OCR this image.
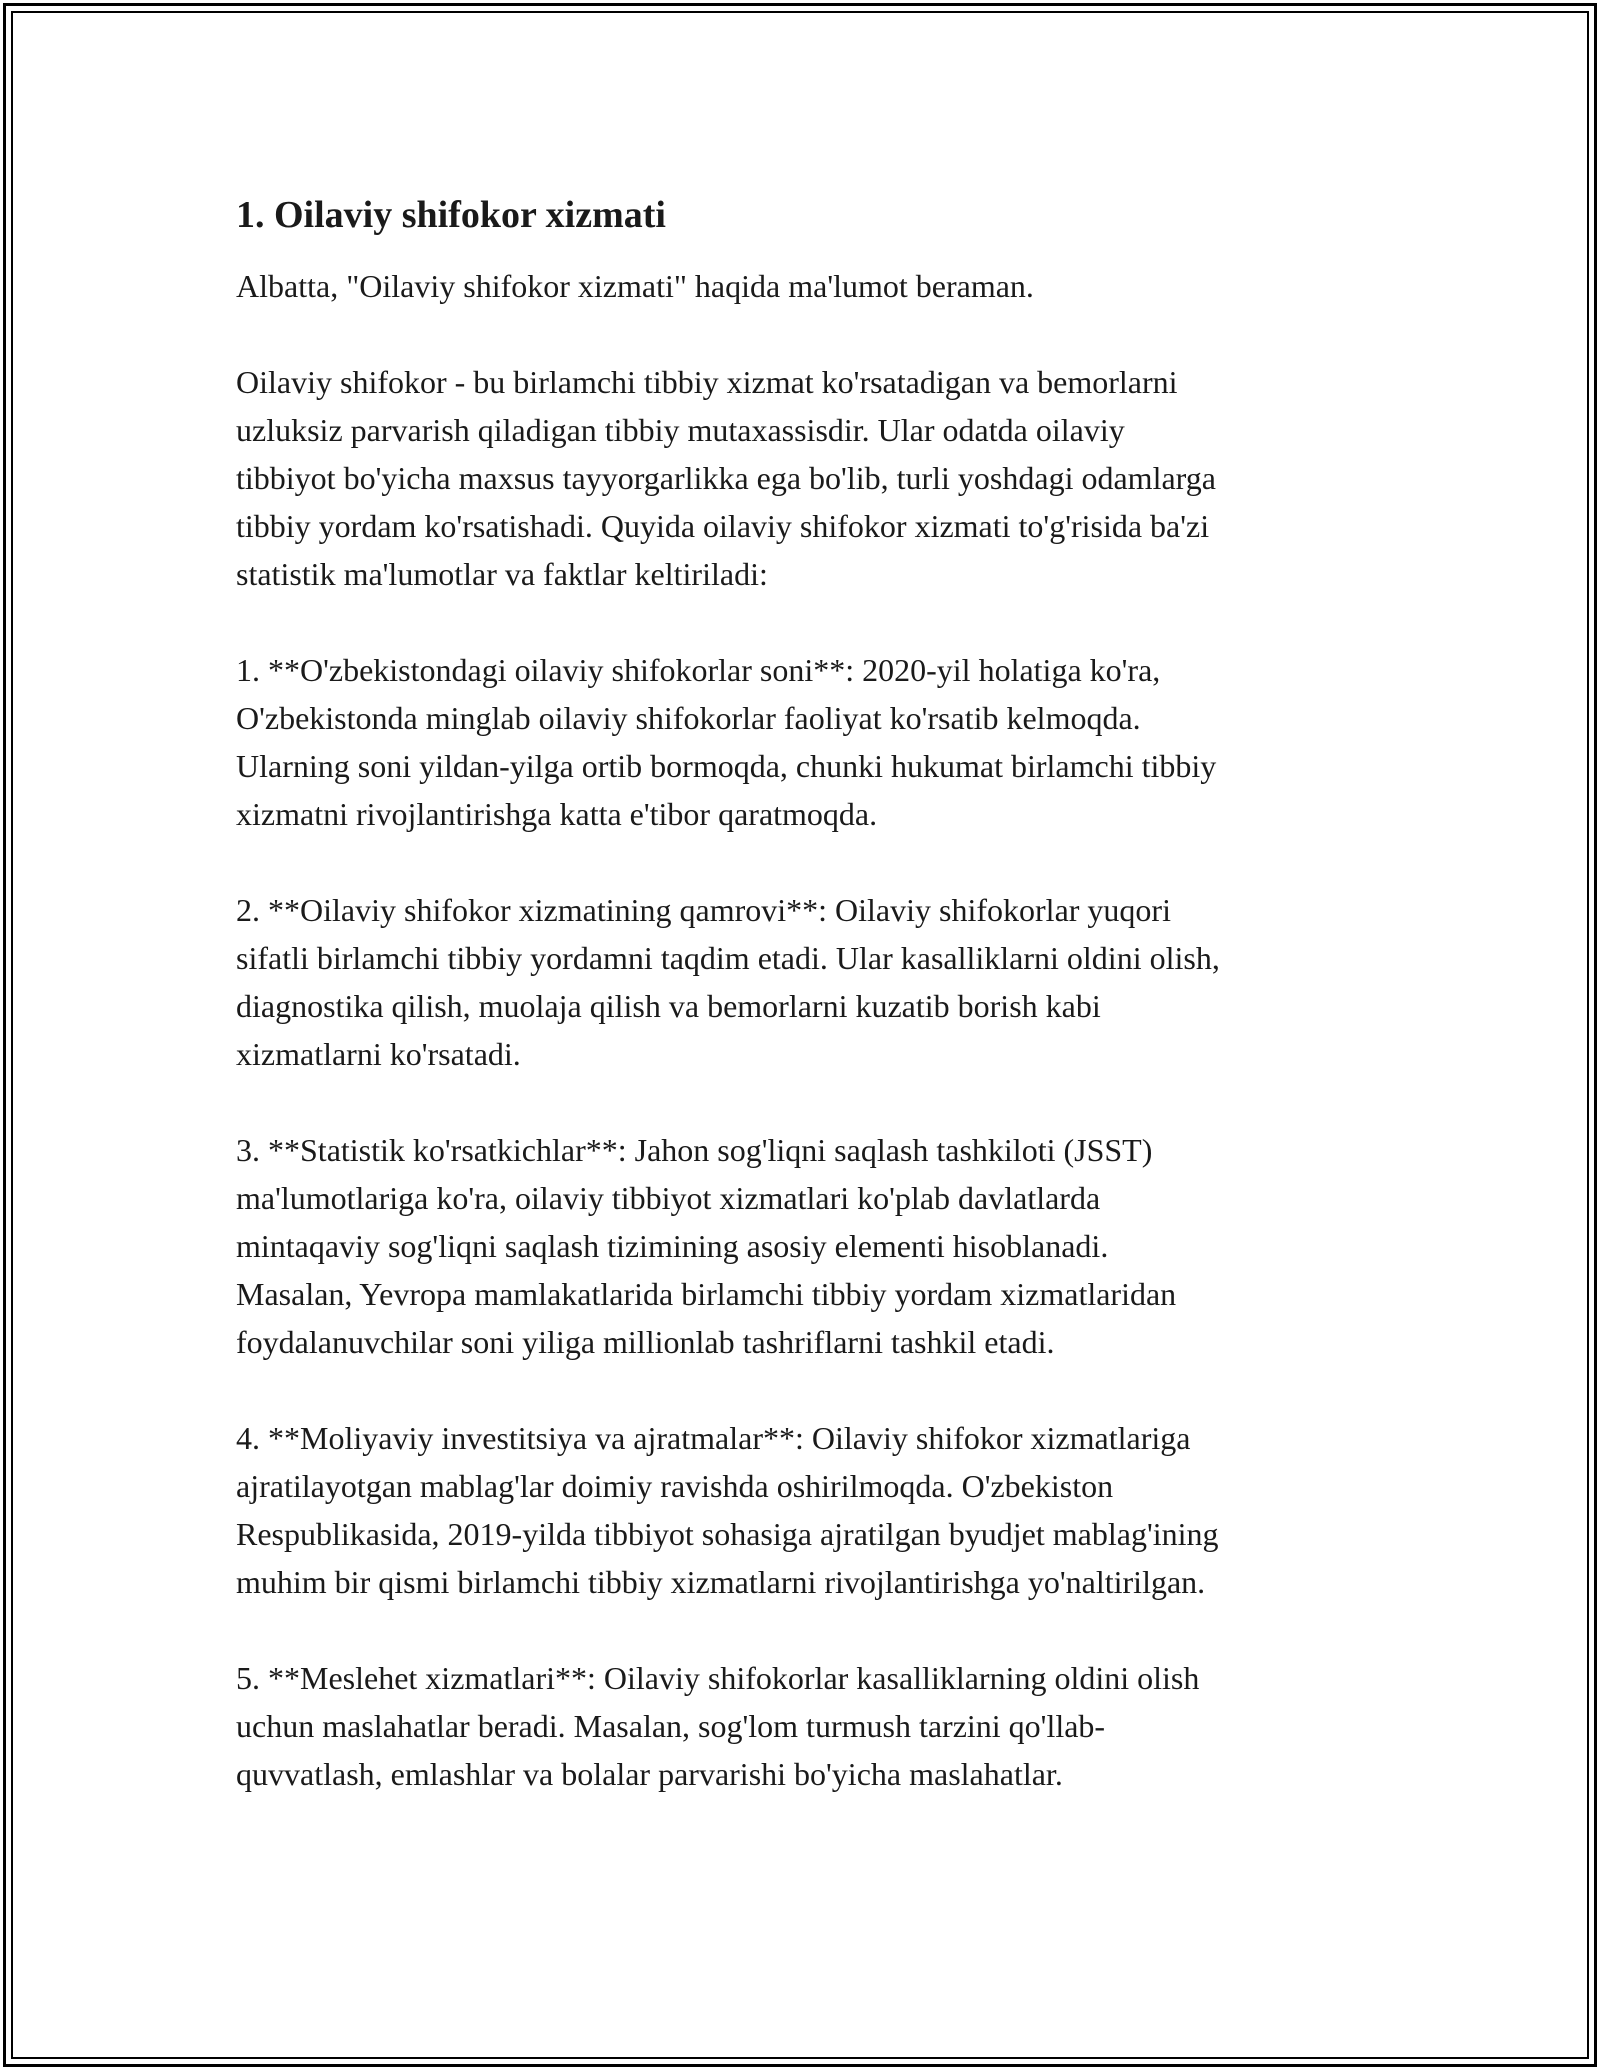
1. Oilaviy shifokor xizmati

Albatta, "Oilaviy shifokor xizmati" haqida ma'lumot beraman.

Oilaviy shifokor - bu birlamchi tibbiy xizmat ko'rsatadigan va bemorlarni
uzluksiz parvarish qiladigan tibbiy mutaxassisdir. Ular odatda oilaviy
tibbiyot bo'yicha maxsus tayyorgarlikka ega bo'lib, turli yoshdagi odamlarga
tibbiy yordam ko'rsatishadi. Quyida oilaviy shifokor xizmati to'g'risida ba'zi
statistik ma'lumotlar va faktlar keltiriladi:

1. **O'zbekistondagi oilaviy shifokorlar soni**: 2020-yil holatiga ko'ra,
O'zbekistonda minglab oilaviy shifokorlar faoliyat ko'rsatib kelmoqda.
Ularning soni yildan-yilga ortib bormoqda, chunki hukumat birlamchi tibbiy
xizmatni rivojlantirishga katta e'tibor qaratmoqda.

2. **Oilaviy shifokor xizmatining qamrovi**: Oilaviy shifokorlar yuqori
sifatli birlamchi tibbiy yordamni taqdim etadi. Ular kasalliklarni oldini olish,
diagnostika qilish, muolaja qilish va bemorlarni kuzatib borish kabi
xizmatlarni ko'rsatadi.

3. **Statistik ko'rsatkichlar**: Jahon sog'liqni saqlash tashkiloti (JSST)
ma'lumotlariga ko'ra, oilaviy tibbiyot xizmatlari ko'plab davlatlarda
mintaqaviy sog'liqni saqlash tizimining asosiy elementi hisoblanadi.
Masalan, Yevropa mamlakatlarida birlamchi tibbiy yordam xizmatlaridan
foydalanuvchilar soni yiliga millionlab tashriflarni tashkil etadi.

4. **Moliyaviy investitsiya va ajratmalar**: Oilaviy shifokor xizmatlariga
ajratilayotgan mablag'lar doimiy ravishda oshirilmoqda. O'zbekiston
Respublikasida, 2019-yilda tibbiyot sohasiga ajratilgan byudjet mablag'ining
muhim bir qismi birlamchi tibbiy xizmatlarni rivojlantirishga yo'naltirilgan.

5. **Meslehet xizmatlari**: Oilaviy shifokorlar kasalliklarning oldini olish
uchun maslahatlar beradi. Masalan, sog'lom turmush tarzini qo'llab-
quvvatlash, emlashlar va bolalar parvarishi bo'yicha maslahatlar.
